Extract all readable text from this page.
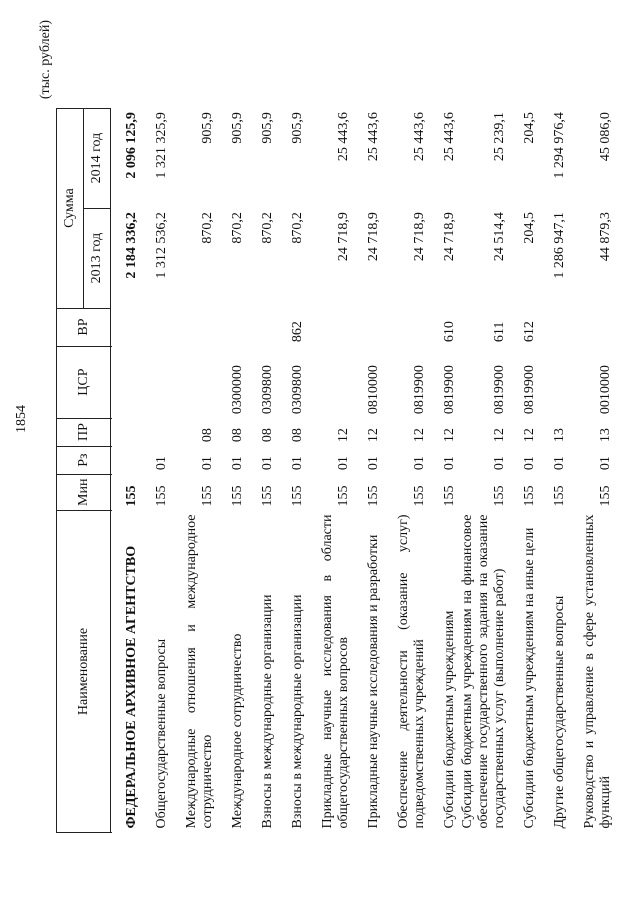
1854
(тыс. рублей)
Наименование	Мин	Рз	ПР	ЦСР	ВР	Сумма	
						2013 год	2014 год

ФЕДЕРАЛЬНОЕ АРХИВНОЕ АГЕНТСТВО	155					2 184 336,2	2 096 125,9
Общегосударственные вопросы	155	01				1 312 536,2	1 321 325,9
Международные отношения и международное сотрудничество	155	01	08			870,2	905,9
Международное сотрудничество	155	01	08	0300000		870,2	905,9
Взносы в международные организации	155	01	08	0309800		870,2	905,9
Взносы в международные организации	155	01	08	0309800	862	870,2	905,9
Прикладные научные исследования в области общегосударственных вопросов	155	01	12			24 718,9	25 443,6
Прикладные научные исследования и разработки	155	01	12	0810000		24 718,9	25 443,6
Обеспечение деятельности (оказание услуг) подведомственных учреждений	155	01	12	0819900		24 718,9	25 443,6
Субсидии бюджетным учреждениям	155	01	12	0819900	610	24 718,9	25 443,6
Субсидии бюджетным учреждениям на финансовое обеспечение государственного задания на оказание государственных услуг (выполнение работ)	155	01	12	0819900	611	24 514,4	25 239,1
Субсидии бюджетным учреждениям на иные цели	155	01	12	0819900	612	204,5	204,5
Другие общегосударственные вопросы	155	01	13			1 286 947,1	1 294 976,4
Руководство и управление в сфере установленных функций	155	01	13	0010000		44 879,3	45 086,0
